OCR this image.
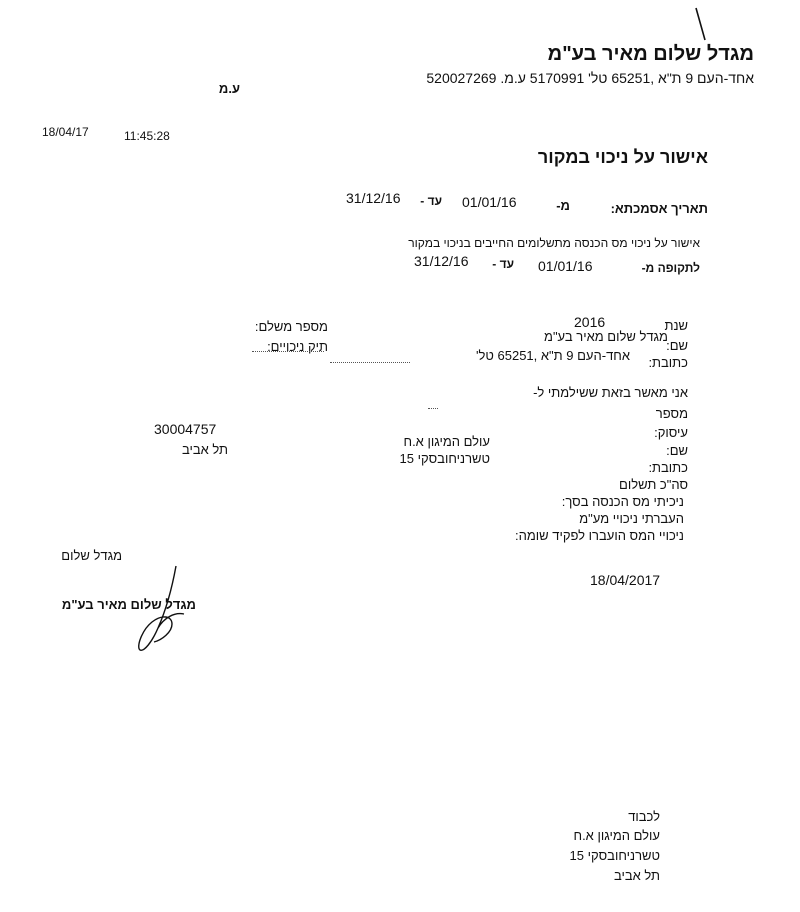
מגדל שלום מאיר בע"מ
אחד-העם 9 ת"א ,65251 טל' 5170991 ע.מ. 520027269
ע.מ
18/04/17	11:45:28
אישור על ניכוי במקור
תאריך אסמכתא:
מ-
01/01/16
עד -
31/12/16
אישור על ניכוי מס הכנסה מתשלומים החייבים בניכוי במקור
לתקופה מ-
01/01/16
עד -
31/12/16
שנת
2016
שם:
מגדל שלום מאיר בע"מ
כתובת:
אחד-העם 9 ת"א ,65251 טל'
מספר משלם:
תיק ניכויים:
אני מאשר בזאת ששילמתי ל-
מספר
30004757	עיסוק:
שם:
עולם המיגון א.ח
כתובת:
טשרניחובסקי 15
תל אביב
סה"כ תשלום
ניכיתי מס הכנסה בסך:
העברתי ניכויי מע"מ
ניכויי המס הועברו לפקיד שומה:
מגדל שלום
מגדל שלום מאיר בע"מ
18/04/2017
לכבוד
עולם המיגון א.ח
טשרניחובסקי 15
תל אביב
